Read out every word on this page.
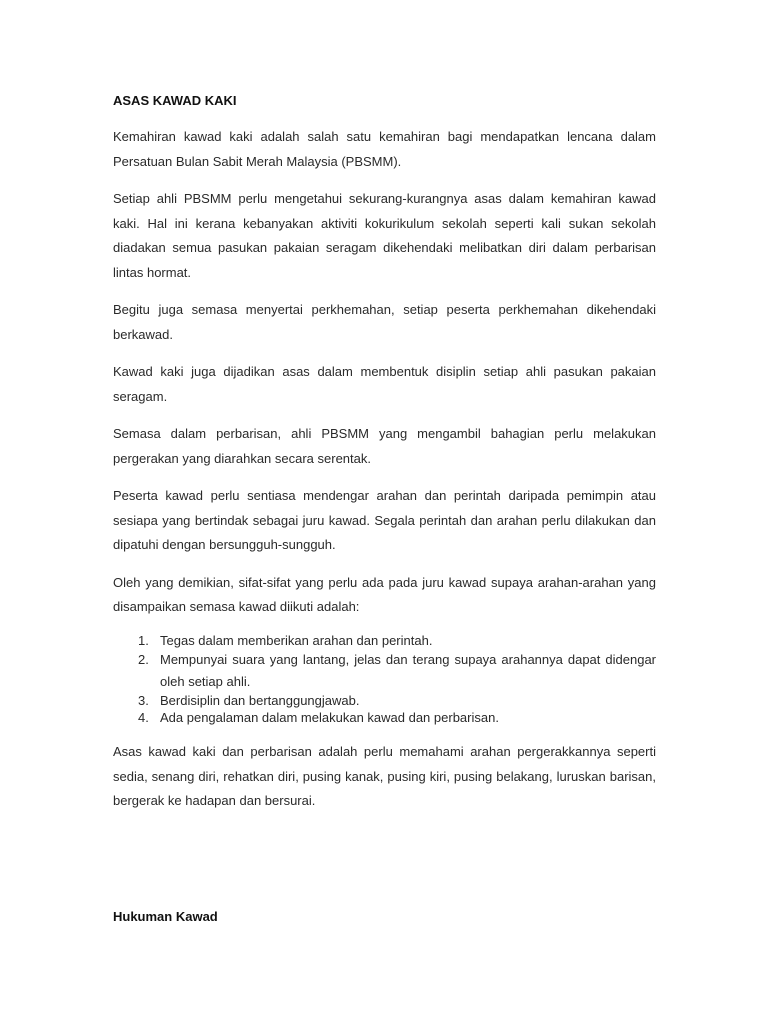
ASAS KAWAD KAKI

Kemahiran kawad kaki adalah salah satu kemahiran bagi mendapatkan lencana dalam Persatuan Bulan Sabit Merah Malaysia (PBSMM).

Setiap ahli PBSMM perlu mengetahui sekurang-kurangnya asas dalam kemahiran kawad kaki. Hal ini kerana kebanyakan aktiviti kokurikulum sekolah seperti kali sukan sekolah diadakan semua pasukan pakaian seragam dikehendaki melibatkan diri dalam perbarisan lintas hormat.

Begitu juga semasa menyertai perkhemahan, setiap peserta perkhemahan dikehendaki berkawad.

Kawad kaki juga dijadikan asas dalam membentuk disiplin setiap ahli pasukan pakaian seragam.

Semasa dalam perbarisan, ahli PBSMM yang mengambil bahagian perlu melakukan pergerakan yang diarahkan secara serentak.

Peserta kawad perlu sentiasa mendengar arahan dan perintah daripada pemimpin atau sesiapa yang bertindak sebagai juru kawad. Segala perintah dan arahan perlu dilakukan dan dipatuhi dengan bersungguh-sungguh.

Oleh yang demikian, sifat-sifat yang perlu ada pada juru kawad supaya arahan-arahan yang disampaikan semasa kawad diikuti adalah:

1. Tegas dalam memberikan arahan dan perintah.
2. Mempunyai suara yang lantang, jelas dan terang supaya arahannya dapat didengar oleh setiap ahli.
3. Berdisiplin dan bertanggungjawab.
4. Ada pengalaman dalam melakukan kawad dan perbarisan.

Asas kawad kaki dan perbarisan adalah perlu memahami arahan pergerakkannya seperti sedia, senang diri, rehatkan diri, pusing kanak, pusing kiri, pusing belakang, luruskan barisan, bergerak ke hadapan dan bersurai.

Hukuman Kawad
